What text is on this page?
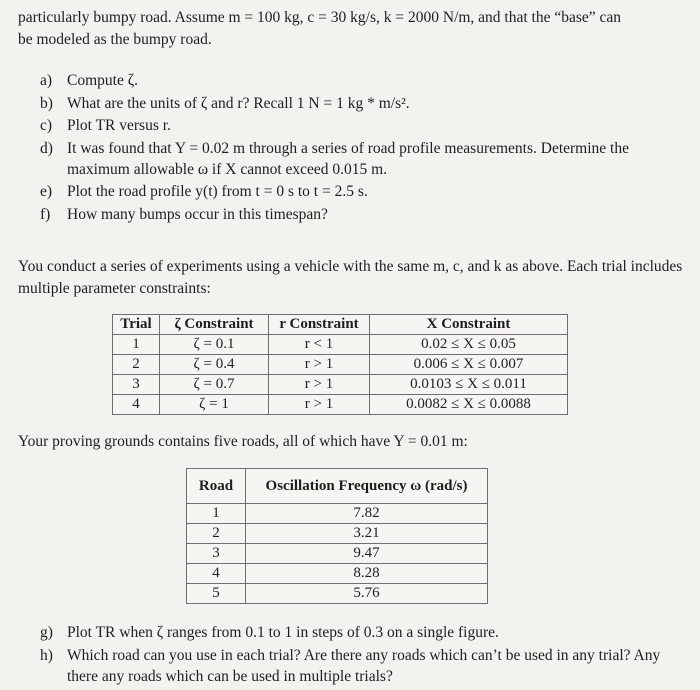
particularly bumpy road. Assume m = 100 kg, c = 30 kg/s, k = 2000 N/m, and that the “base” can
be modeled as the bumpy road.
a) Compute ζ.
b) What are the units of ζ and r? Recall 1 N = 1 kg * m/s².
c) Plot TR versus r.
d) It was found that Y = 0.02 m through a series of road profile measurements. Determine the maximum allowable ω if X cannot exceed 0.015 m.
e) Plot the road profile y(t) from t = 0 s to t = 2.5 s.
f)	How many bumps occur in this timespan?
You conduct a series of experiments using a vehicle with the same m, c, and k as above. Each trial includes multiple parameter constraints:
Trial	ζ Constraint	r Constraint	X Constraint
1	ζ = 0.1	r < 1	0.02 ≤ X ≤ 0.05
2	ζ = 0.4	r > 1	0.006 ≤ X ≤ 0.007
3	ζ = 0.7	r > 1	0.0103 ≤ X ≤ 0.011
4	ζ = 1	r > 1	0.0082 ≤ X ≤ 0.0088
Your proving grounds contains five roads, all of which have Y = 0.01 m:
Road	Oscillation Frequency ω (rad/s)
1	7.82
2	3.21
3	9.47
4	8.28
5	5.76
g) Plot TR when ζ ranges from 0.1 to 1 in steps of 0.3 on a single figure.
h) Which road can you use in each trial? Are there any roads which can’t be used in any trial? Any there any roads which can be used in multiple trials?
